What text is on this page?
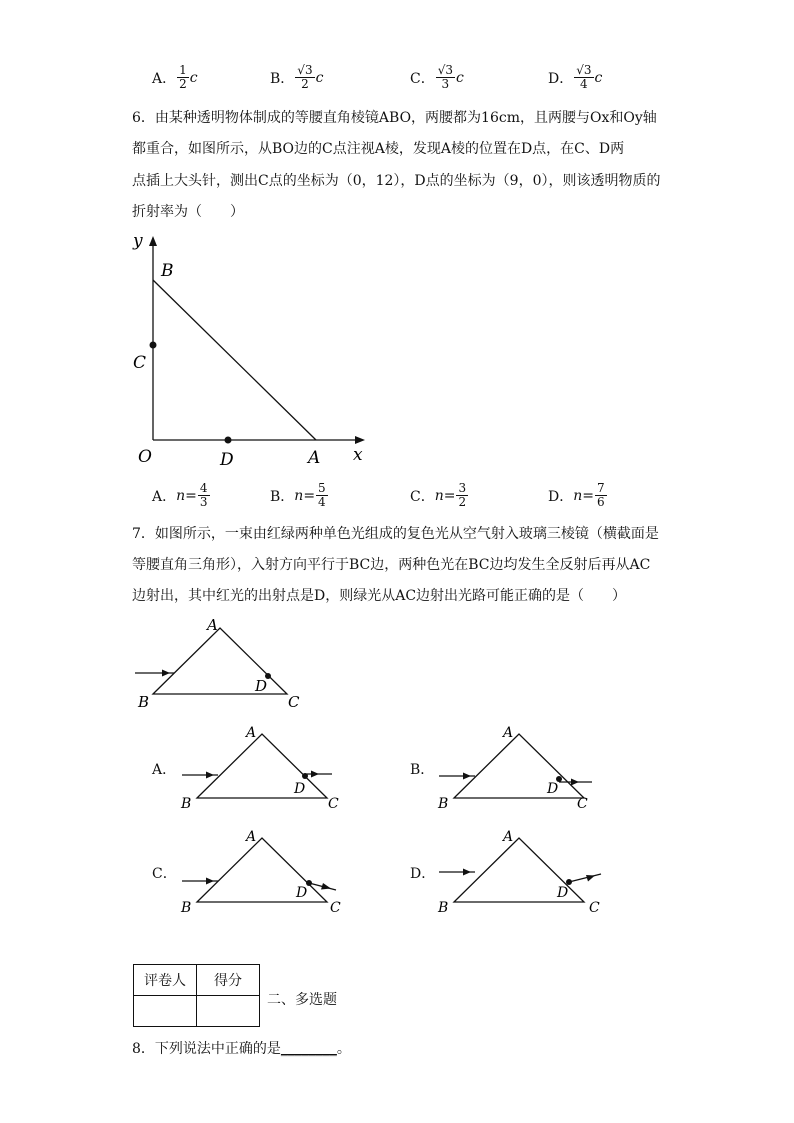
A． $\frac{1}{2}$ c	B． $\frac{√3}{2}$ c	C． $\frac{√3}{3}$ c	D． $\frac{√3}{4}$ c
6．由某种透明物体制成的等腰直角棱镜ABO，两腰都为16cm，且两腰与Ox和Oy轴
都重合，如图所示，从BO边的C点注视A棱，发现A棱的位置在D点，在C、D两
点插上大头针，测出C点的坐标为（0，12），D点的坐标为（9，0），则该透明物质的
折射率为（　　）
y
B
C
O	D	A x
A． $n= \frac{4}{3}$	B． $n= \frac{5}{4}$	C． $n= \frac{3}{2}$	D． $n= \frac{7}{6}$
7．如图所示，一束由红绿两种单色光组成的复色光从空气射入玻璃三棱镜（横截面是
等腰直角三角形），入射方向平行于BC边，两种色光在BC边均发生全反射后再从AC
边射出，其中红光的出射点是D，则绿光从AC边射出光路可能正确的是（　　）
A
B
D
C
A．
A
B
D
C
B．
A
B
D
C
C．
A
B
D
C
D．
A
B
D
C
评卷人	得分

二、多选题
8．下列说法中正确的是________。
